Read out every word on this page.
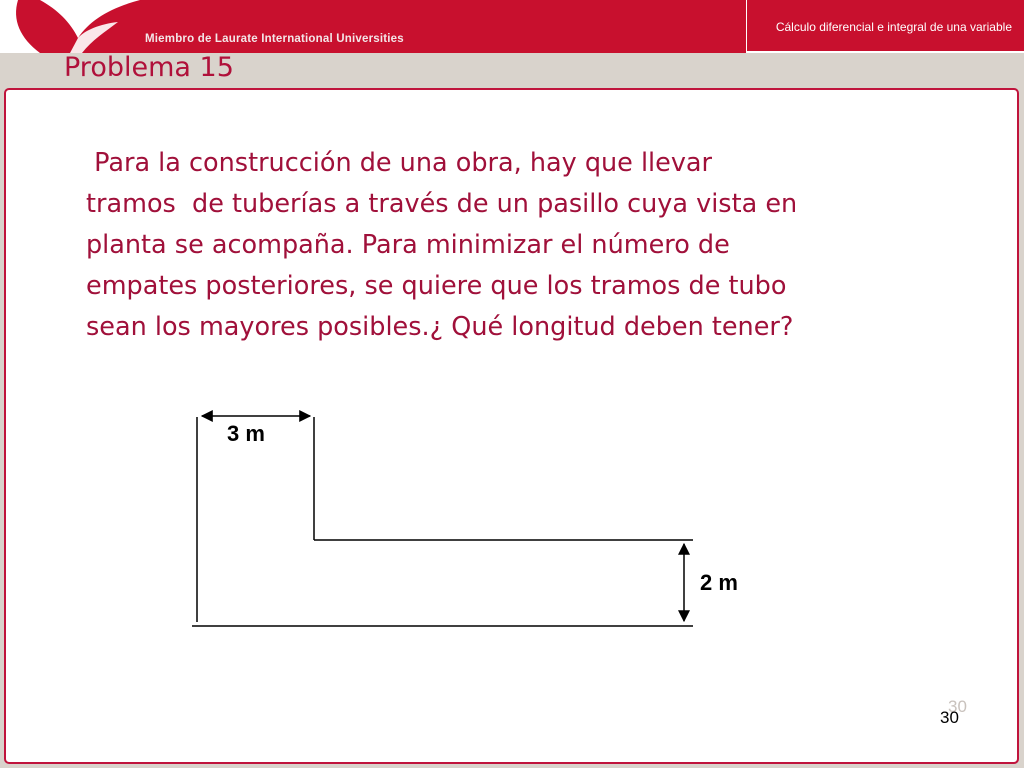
Miembro de Laurate International Universities
Cálculo diferencial e integral de una variable
Problema 15

Para la construcción de una obra, hay que llevar
tramos  de tuberías a través de un pasillo cuya vista en
planta se acompaña. Para minimizar el número de
empates posteriores, se quiere que los tramos de tubo
sean los mayores posibles.¿ Qué longitud deben tener?

3 m
2 m
30
30
